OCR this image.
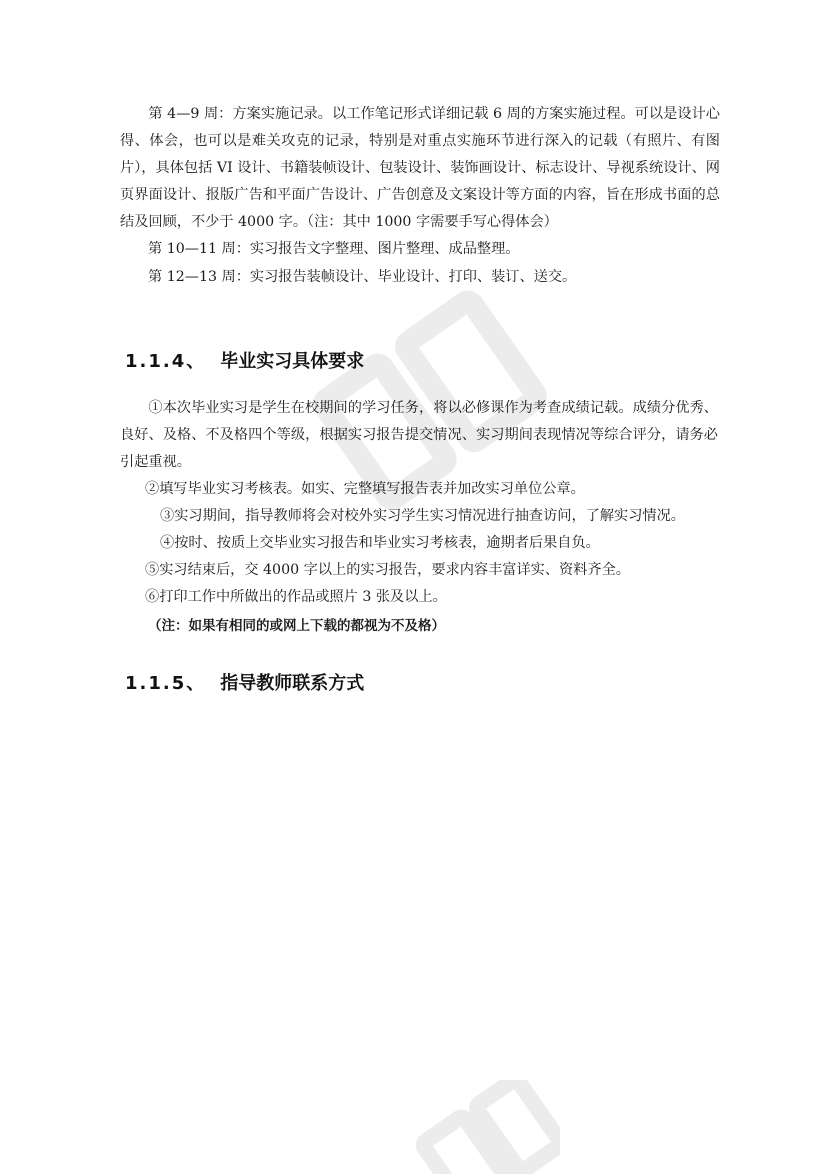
第 4—9 周：方案实施记录。以工作笔记形式详细记载 6 周的方案实施过程。可以是设计心得、体会，也可以是难关攻克的记录，特别是对重点实施环节进行深入的记载（有照片、有图片），具体包括 VI 设计、书籍装帧设计、包装设计、装饰画设计、标志设计、导视系统设计、网页界面设计、报版广告和平面广告设计、广告创意及文案设计等方面的内容，旨在形成书面的总结及回顾，不少于 4000 字。（注：其中 1000 字需要手写心得体会）

第 10—11 周：实习报告文字整理、图片整理、成品整理。

第 12—13 周：实习报告装帧设计、毕业设计、打印、装订、送交。

1.1.4、 毕业实习具体要求

①本次毕业实习是学生在校期间的学习任务，将以必修课作为考查成绩记载。成绩分优秀、良好、及格、不及格四个等级，根据实习报告提交情况、实习期间表现情况等综合评分，请务必引起重视。

②填写毕业实习考核表。如实、完整填写报告表并加改实习单位公章。

③实习期间，指导教师将会对校外实习学生实习情况进行抽查访问，了解实习情况。

④按时、按质上交毕业实习报告和毕业实习考核表，逾期者后果自负。

⑤实习结束后，交 4000 字以上的实习报告，要求内容丰富详实、资料齐全。

⑥打印工作中所做出的作品或照片 3 张及以上。

（注：如果有相同的或网上下载的都视为不及格）

1.1.5、 指导教师联系方式
